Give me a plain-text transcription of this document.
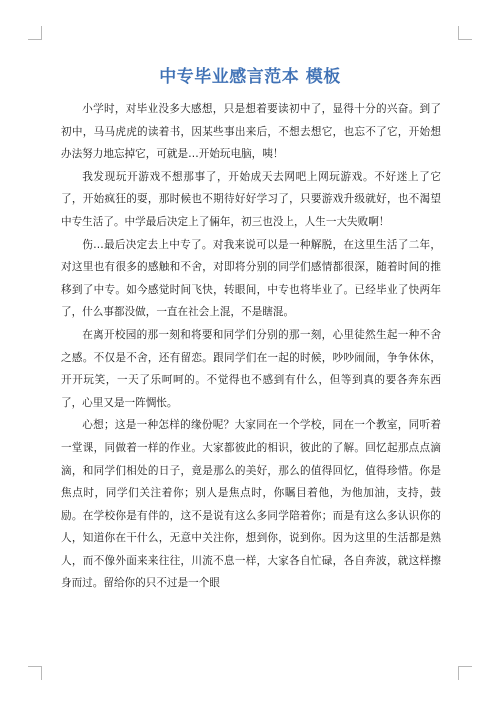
中专毕业感言范本 模板

小学时，对毕业没多大感想，只是想着要读初中了，显得十分的兴奋。到了初中，马马虎虎的读着书，因某些事出来后，不想去想它，也忘不了它，开始想办法努力地忘掉它，可就是…开始玩电脑，咦！

我发现玩开游戏不想那事了，开始成天去网吧上网玩游戏。不好迷上了它了，开始疯狂的耍，那时候也不期待好好学习了，只要游戏升级就好，也不渴望中专生活了。中学最后决定上了倆年，初三也没上，人生一大失败啊！

伤…最后决定去上中专了。对我来说可以是一种解脱，在这里生活了二年，对这里也有很多的感触和不舍，对即将分别的同学们感情都很深，随着时间的推移到了中专。如今感觉时间飞快，转眼间，中专也将毕业了。已经毕业了快两年了，什么事都没做，一直在社会上混，不是瞎混。

在离开校园的那一刻和将要和同学们分别的那一刻，心里徒然生起一种不舍之感。不仅是不舍，还有留恋。跟同学们在一起的时候，吵吵闹闹，争争休休，开开玩笑，一天了乐呵呵的。不觉得也不感到有什么，但等到真的要各奔东西了，心里又是一阵惆怅。

心想；这是一种怎样的缘份呢？大家同在一个学校，同在一个教室，同听着一堂课，同做着一样的作业。大家都彼此的相识，彼此的了解。回忆起那点点滴滴，和同学们相处的日子，竟是那么的美好，那么的值得回忆，值得珍惜。你是焦点时，同学们关注着你；别人是焦点时，你瞩目着他，为他加油，支持，鼓励。在学校你是有伴的，这不是说有这么多同学陪着你；而是有这么多认识你的人，知道你在干什么，无意中关注你，想到你，说到你。因为这里的生活都是熟人，而不像外面来来往往，川流不息一样，大家各自忙碌，各自奔波，就这样擦身而过。留给你的只不过是一个眼
